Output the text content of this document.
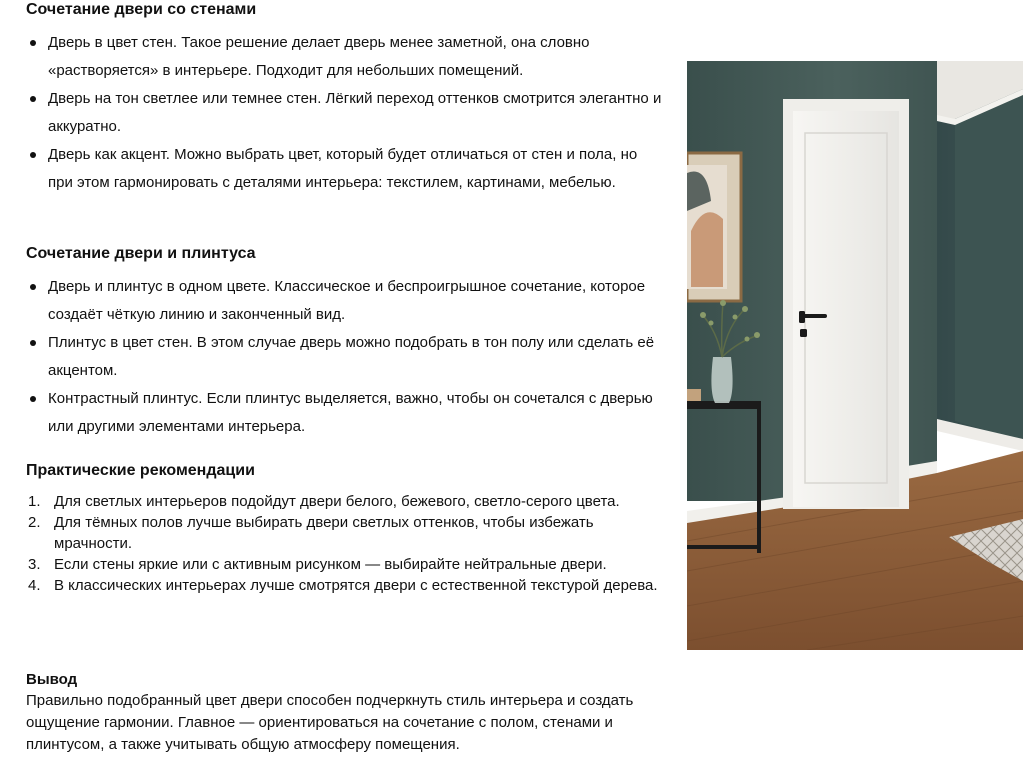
Сочетание двери со стенами
Дверь в цвет стен. Такое решение делает дверь менее заметной, она словно «растворяется» в интерьере. Подходит для небольших помещений.
Дверь на тон светлее или темнее стен. Лёгкий переход оттенков смотрится элегантно и аккуратно.
Дверь как акцент. Можно выбрать цвет, который будет отличаться от стен и пола, но при этом гармонировать с деталями интерьера: текстилем, картинами, мебелью.
Сочетание двери и плинтуса
Дверь и плинтус в одном цвете. Классическое и беспроигрышное сочетание, которое создаёт чёткую линию и законченный вид.
Плинтус в цвет стен. В этом случае дверь можно подобрать в тон полу или сделать её акцентом.
Контрастный плинтус. Если плинтус выделяется, важно, чтобы он сочетался с дверью или другими элементами интерьера.
Практические рекомендации
1. Для светлых интерьеров подойдут двери белого, бежевого, светло-серого цвета.
2. Для тёмных полов лучше выбирать двери светлых оттенков, чтобы избежать мрачности.
3. Если стены яркие или с активным рисунком — выбирайте нейтральные двери.
4. В классических интерьерах лучше смотрятся двери с естественной текстурой дерева.
Вывод
Правильно подобранный цвет двери способен подчеркнуть стиль интерьера и создать ощущение гармонии. Главное — ориентироваться на сочетание с полом, стенами и плинтусом, а также учитывать общую атмосферу помещения.
